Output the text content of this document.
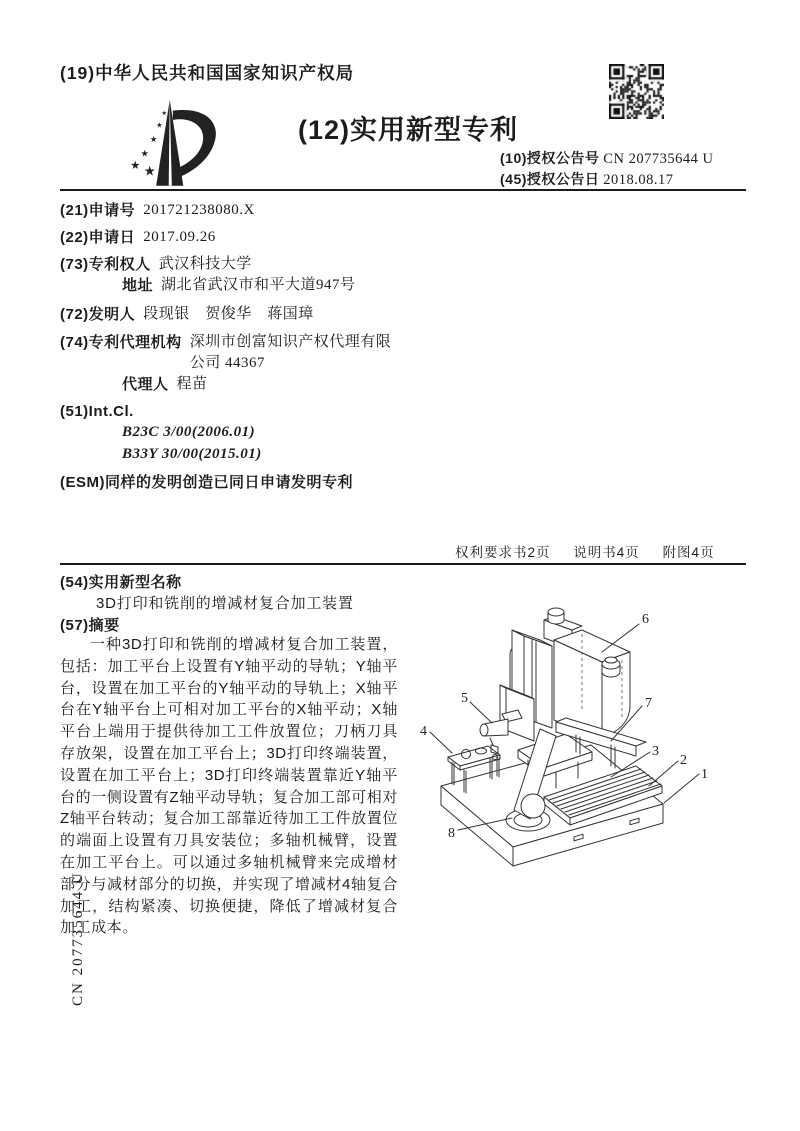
(19)中华人民共和国国家知识产权局
★
★
★
★
★
★
(12)实用新型专利
(10)授权公告号 CN 207735644 U
(45)授权公告日 2018.08.17
(21)申请号 201721238080.X
(22)申请日 2017.09.26
(73)专利权人 武汉科技大学
地址 湖北省武汉市和平大道947号
(72)发明人 段现银　贺俊华　蒋国璋
(74)专利代理机构 深圳市创富知识产权代理有限公司 44367
代理人 程苗
(51)Int.Cl.
B23C 3/00(2006.01)
B33Y 30/00(2015.01)
(ESM)同样的发明创造已同日申请发明专利
权利要求书2页 说明书4页 附图4页
(54)实用新型名称
3D打印和铣削的增减材复合加工装置
(57)摘要
一种3D打印和铣削的增减材复合加工装置，包括：加工平台上设置有Y轴平动的导轨；Y轴平台，设置在加工平台的Y轴平动的导轨上；X轴平台在Y轴平台上可相对加工平台的X轴平动；X轴平台上端用于提供待加工工件放置位；刀柄刀具存放架，设置在加工平台上；3D打印终端装置，设置在加工平台上；3D打印终端装置靠近Y轴平台的一侧设置有Z轴平动导轨；复合加工部可相对Z轴平台转动；复合加工部靠近待加工工件放置位的端面上设置有刀具安装位；多轴机械臂，设置在加工平台上。可以通过多轴机械臂来完成增材部分与减材部分的切换，并实现了增减材4轴复合加工，结构紧凑、切换便捷，降低了增减材复合加工成本。
1
2
3
4
5
6
7
8
CN 207735644 U
